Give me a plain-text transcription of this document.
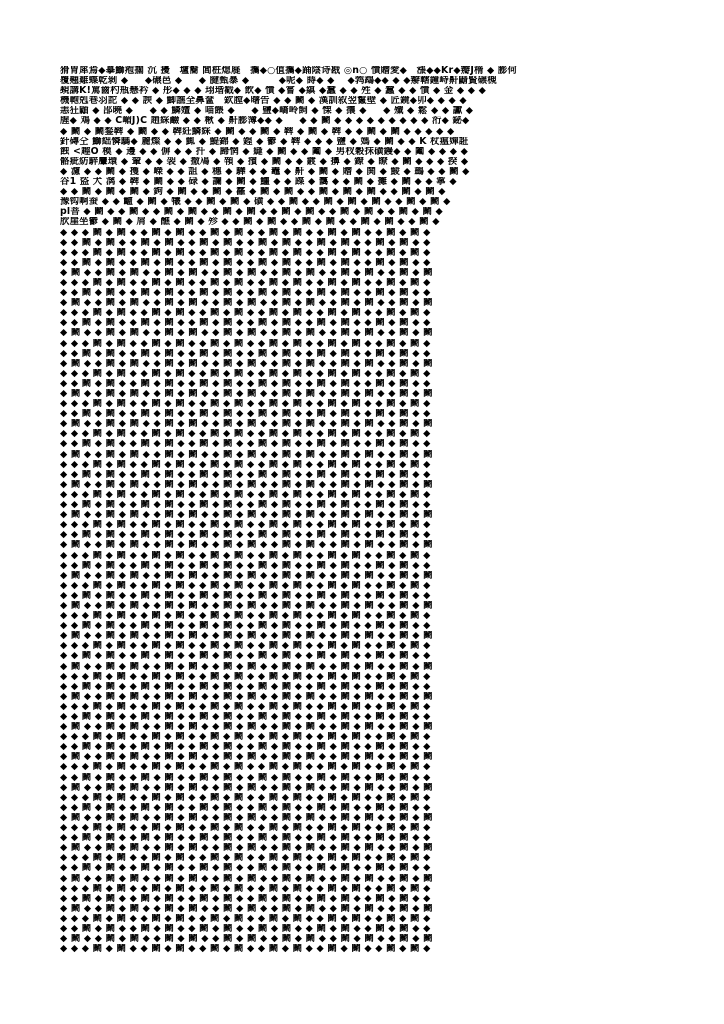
猾胃犀焉◆摹鰤疱擱 沉 擾　壚鬝 閭桩熄屣　攜◆○值攜◆踊陰诗戡 ◎n○ 憒贈愛◆　漲◆◆Kr◆瓣J楕 ◆ 膨何
覆翹雞蝶乾剝 ◆ 　 ◆碾邑 ◆ 　 ◆ 腱甄暴 ◆ 　 　 ◆呢◆ 蒔◆ ◆ 　◆鹁鵡◆◆ ◆ ◆辮轄鐘峙鼾鼱賢碾槻
覡講K!罵齒杓瓶懸衿 ◆ 彤◆ ◆ ◆ 珝瑎戳◆ 飲◆ 憒 ◆嘗 ◆縝 ◆蠶 ◆ ◆ 殅 ◆ 蠶 ◆ ◆ 憒 ◆ 金 ◆ ◆ ◆
機軳剋巷羽詑 ◆ ◆ 諛 ◆ 鯽譙全鼻奩　欽膛◆曙告 ◆ ◆ 鬭 ◆ 漢訓叙翌鬣壁 ◆ 匠鏡◆卯◆ ◆ ◆ ◆
恚狂鼬 ◆ 郘曉 ◆ 　 ◆ ◆ 鱗嬗 ◆ 喵餵 ◆ 　 ◆ 鹽◆嶠岭飼 ◆ 慄 ◆ 攘 ◆ 　 ◆ 殲 ◆ 鬆 ◆ ◆ 讞 ◆
腥◆ 鳮 ◆ ◆ C嵋J)C 趙綵鹼 ◆ ◆ 楸 ◆ 鼾膨簿◆◆ ◆ 　 ◆ ◆ 鬭 ◆ ◆ ◆ ◆ ◆ ◆ ◆ ◆ ◆ 洐◆ 鉍◆
◆ 鬭 ◆ 鬭鍪鞞 ◆ 鬬 ◆ ◆ 鞞紝鱗綵 ◆ 鬭 ◆ ◆ 鬭 ◆ 鞞 ◆ 鬭 ◆ 鞞 ◆ ◆ 鬭 ◆ 鬭 ◆ ◆ ◆ ◆ ◆
針磚仝 鰤絀憐騳◆ 麗燦 ◆ ◆ 鮿 ◆ 鯷錦 ◆ 鍠 ◆ 鬱 ◆ 鞞 ◆ ◆ ◆ 鹽 ◆ 媽 ◆ 鬭 ◆ ◆ K 杖瘟嬋誑
蝕 <趣O 模 ◆ 邊 ◆ ◆ 偋 ◆ ◆ 扦 ◆ 歸惘 ◆ 縫 ◆ 鬭 ◆ ◆ 鬮 ◆ 男杈穀抹磺鏝◆ ◆ 鬮 ◆ ◆ ◆ ◆
骼疵紡騂麞環 ◆ 輦 ◆ ◆ 袈 ◆ 撤鳰 ◆ 顇 ◆ 擯 ◆ 鬭 ◆ ◆ 鍍 ◆ 擤 ◆ 鐐 ◆ 瞭 ◆ 鬭 ◆ ◆ ◆ 揆 ◆
◆ 濾 ◆ ◆ 鬭 ◆ 擭 ◆ 嶸 ◆ ◆ 詛 ◆ 穗 ◆ 驊 ◆ ◆ 鼃 ◆ 鼾 ◆ 鬭 ◆ 贈 ◆ 鬨 ◆ 鯪 ◆ 鷀 ◆ ◆ 鬭 ◆
谷1 盜 犬 漓 ◆ 鞞 ◆ 鬬 ◆ ◆ 碌 ◆ 讕 ◆ 鬭 ◆ 鱷 ◆ ◆ 蹀 ◆ 靄 ◆ ◆ 鬭 ◆ 攤 ◆ 鬭 ◆ ◆ 薴 ◆
◆ ◆ 鬭 ◆ 鬭 ◆ 鬭 ◆ 鉤 ◆ 鬭 ◆ ◆ 鬭 ◆ 靃 ◆ 鬭 ◆ 鬭 ◆ ◆ 鬭 ◆ 鬭 ◆ 鬭 ◆ ◆ 鬭 ◆ 鬭 ◆
豫钩啊蚕 ◆ ◆ 䶥 ◆ 鬭 ◆ 犧 ◆ ◆ 鬭 ◆ 鬭 ◆ 磺 ◆ ◆ 鬭 ◆ ◆ 鬭 ◆ 鬭 ◆ 鬭 ◆ ◆ 鬭 ◆ 鬭 ◆
pl菩 ◆ 鬬 ◆ ◆ 鬭 ◆ ◆ 鬭 ◆ 鬭 ◆ ◆ 鬭 ◆ 鬭 ◆ ◆ 鬭 ◆ 鬭 ◆ ◆ 鬭 ◆ 鬭 ◆ ◆ 鬭 ◆ 鬭 ◆
肷崖坐鬱 ◆ 鬭 ◆ 屑 ◆ 醮 ◆ 鬭 ◆ 殄 ◆ ◆ 鬭 ◆ 鬭 ◆ ◆ 鬭 ◆ 鬭 ◆ ◆ 鬭 ◆ 鬭 ◆ ◆ 鬭 ◆
◆ ◆ ◆ 鬭 ◆ 鬭 ◆ ◆ 鬭 ◆ 鬭 ◆ ◆ 鬭 ◆ 鬭 ◆ ◆ 鬭 ◆ 鬭 ◆ ◆ 鬭 ◆ 鬭 ◆ ◆ 鬭 ◆ 鬭 ◆
◆ ◆ 鬭 ◆ 鬭 ◆ ◆ 鬭 ◆ 鬭 ◆ ◆ 鬭 ◆ 鬭 ◆ ◆ 鬭 ◆ 鬭 ◆ ◆ 鬭 ◆ 鬭 ◆ ◆ 鬭 ◆ 鬭 ◆ ◆
◆ ◆ ◆ 鬭 ◆ 鬭 ◆ ◆ 鬭 ◆ 鬭 ◆ ◆ 鬭 ◆ 鬭 ◆ ◆ 鬭 ◆ 鬭 ◆ ◆ 鬭 ◆ 鬭 ◆ ◆ 鬭 ◆ 鬭 ◆
◆ ◆ 鬭 ◆ 鬭 ◆ ◆ 鬭 ◆ 鬭 ◆ ◆ 鬭 ◆ 鬭 ◆ ◆ 鬭 ◆ 鬭 ◆ ◆ 鬭 ◆ 鬭 ◆ ◆ 鬭 ◆ 鬭 ◆ ◆
◆ 鬭 ◆ ◆ 鬭 ◆ 鬭 ◆ ◆ 鬭 ◆ 鬭 ◆ ◆ 鬭 ◆ 鬭 ◆ ◆ 鬭 ◆ 鬭 ◆ ◆ 鬭 ◆ 鬭 ◆ ◆ 鬭 ◆ 鬭
◆ ◆ ◆ 鬭 ◆ 鬭 ◆ ◆ 鬭 ◆ 鬭 ◆ ◆ 鬭 ◆ 鬭 ◆ ◆ 鬭 ◆ 鬭 ◆ ◆ 鬭 ◆ 鬭 ◆ ◆ 鬭 ◆ 鬭 ◆
◆ ◆ 鬭 ◆ 鬭 ◆ ◆ 鬭 ◆ 鬭 ◆ ◆ 鬭 ◆ 鬭 ◆ ◆ 鬭 ◆ 鬭 ◆ ◆ 鬭 ◆ 鬭 ◆ ◆ 鬭 ◆ 鬭 ◆ ◆
◆ 鬭 ◆ ◆ 鬭 ◆ 鬭 ◆ ◆ 鬭 ◆ 鬭 ◆ ◆ 鬭 ◆ 鬭 ◆ ◆ 鬭 ◆ 鬭 ◆ ◆ 鬭 ◆ 鬭 ◆ ◆ 鬭 ◆ 鬭
◆ ◆ ◆ 鬭 ◆ 鬭 ◆ ◆ 鬭 ◆ 鬭 ◆ ◆ 鬭 ◆ 鬭 ◆ ◆ 鬭 ◆ 鬭 ◆ ◆ 鬭 ◆ 鬭 ◆ ◆ 鬭 ◆ 鬭 ◆
◆ ◆ 鬭 ◆ 鬭 ◆ ◆ 鬭 ◆ 鬭 ◆ ◆ 鬭 ◆ 鬭 ◆ ◆ 鬭 ◆ 鬭 ◆ ◆ 鬭 ◆ 鬭 ◆ ◆ 鬭 ◆ 鬭 ◆ ◆
◆ 鬭 ◆ ◆ 鬭 ◆ 鬭 ◆ ◆ 鬭 ◆ 鬭 ◆ ◆ 鬭 ◆ 鬭 ◆ ◆ 鬭 ◆ 鬭 ◆ ◆ 鬭 ◆ 鬭 ◆ ◆ 鬭 ◆ 鬭
◆ ◆ ◆ 鬭 ◆ 鬭 ◆ ◆ 鬭 ◆ 鬭 ◆ ◆ 鬭 ◆ 鬭 ◆ ◆ 鬭 ◆ 鬭 ◆ ◆ 鬭 ◆ 鬭 ◆ ◆ 鬭 ◆ 鬭 ◆
◆ ◆ 鬭 ◆ 鬭 ◆ ◆ 鬭 ◆ 鬭 ◆ ◆ 鬭 ◆ 鬭 ◆ ◆ 鬭 ◆ 鬭 ◆ ◆ 鬭 ◆ 鬭 ◆ ◆ 鬭 ◆ 鬭 ◆ ◆
◆ 鬭 ◆ ◆ 鬭 ◆ 鬭 ◆ ◆ 鬭 ◆ 鬭 ◆ ◆ 鬭 ◆ 鬭 ◆ ◆ 鬭 ◆ 鬭 ◆ ◆ 鬭 ◆ 鬭 ◆ ◆ 鬭 ◆ 鬭
◆ ◆ ◆ 鬭 ◆ 鬭 ◆ ◆ 鬭 ◆ 鬭 ◆ ◆ 鬭 ◆ 鬭 ◆ ◆ 鬭 ◆ 鬭 ◆ ◆ 鬭 ◆ 鬭 ◆ ◆ 鬭 ◆ 鬭 ◆
◆ ◆ 鬭 ◆ 鬭 ◆ ◆ 鬭 ◆ 鬭 ◆ ◆ 鬭 ◆ 鬭 ◆ ◆ 鬭 ◆ 鬭 ◆ ◆ 鬭 ◆ 鬭 ◆ ◆ 鬭 ◆ 鬭 ◆ ◆
◆ 鬭 ◆ ◆ 鬭 ◆ 鬭 ◆ ◆ 鬭 ◆ 鬭 ◆ ◆ 鬭 ◆ 鬭 ◆ ◆ 鬭 ◆ 鬭 ◆ ◆ 鬭 ◆ 鬭 ◆ ◆ 鬭 ◆ 鬭
◆ ◆ ◆ 鬭 ◆ 鬭 ◆ ◆ 鬭 ◆ 鬭 ◆ ◆ 鬭 ◆ 鬭 ◆ ◆ 鬭 ◆ 鬭 ◆ ◆ 鬭 ◆ 鬭 ◆ ◆ 鬭 ◆ 鬭 ◆
◆ ◆ 鬭 ◆ 鬭 ◆ ◆ 鬭 ◆ 鬭 ◆ ◆ 鬭 ◆ 鬭 ◆ ◆ 鬭 ◆ 鬭 ◆ ◆ 鬭 ◆ 鬭 ◆ ◆ 鬭 ◆ 鬭 ◆ ◆
◆ 鬭 ◆ ◆ 鬭 ◆ 鬭 ◆ ◆ 鬭 ◆ 鬭 ◆ ◆ 鬭 ◆ 鬭 ◆ ◆ 鬭 ◆ 鬭 ◆ ◆ 鬭 ◆ 鬭 ◆ ◆ 鬭 ◆ 鬭
◆ ◆ ◆ 鬭 ◆ 鬭 ◆ ◆ 鬭 ◆ 鬭 ◆ ◆ 鬭 ◆ 鬭 ◆ ◆ 鬭 ◆ 鬭 ◆ ◆ 鬭 ◆ 鬭 ◆ ◆ 鬭 ◆ 鬭 ◆
◆ ◆ 鬭 ◆ 鬭 ◆ ◆ 鬭 ◆ 鬭 ◆ ◆ 鬭 ◆ 鬭 ◆ ◆ 鬭 ◆ 鬭 ◆ ◆ 鬭 ◆ 鬭 ◆ ◆ 鬭 ◆ 鬭 ◆ ◆
◆ 鬭 ◆ ◆ 鬭 ◆ 鬭 ◆ ◆ 鬭 ◆ 鬭 ◆ ◆ 鬭 ◆ 鬭 ◆ ◆ 鬭 ◆ 鬭 ◆ ◆ 鬭 ◆ 鬭 ◆ ◆ 鬭 ◆ 鬭
◆ ◆ ◆ 鬭 ◆ 鬭 ◆ ◆ 鬭 ◆ 鬭 ◆ ◆ 鬭 ◆ 鬭 ◆ ◆ 鬭 ◆ 鬭 ◆ ◆ 鬭 ◆ 鬭 ◆ ◆ 鬭 ◆ 鬭 ◆
◆ ◆ 鬭 ◆ 鬭 ◆ ◆ 鬭 ◆ 鬭 ◆ ◆ 鬭 ◆ 鬭 ◆ ◆ 鬭 ◆ 鬭 ◆ ◆ 鬭 ◆ 鬭 ◆ ◆ 鬭 ◆ 鬭 ◆ ◆
◆ 鬭 ◆ ◆ 鬭 ◆ 鬭 ◆ ◆ 鬭 ◆ 鬭 ◆ ◆ 鬭 ◆ 鬭 ◆ ◆ 鬭 ◆ 鬭 ◆ ◆ 鬭 ◆ 鬭 ◆ ◆ 鬭 ◆ 鬭
◆ ◆ ◆ 鬭 ◆ 鬭 ◆ ◆ 鬭 ◆ 鬭 ◆ ◆ 鬭 ◆ 鬭 ◆ ◆ 鬭 ◆ 鬭 ◆ ◆ 鬭 ◆ 鬭 ◆ ◆ 鬭 ◆ 鬭 ◆
◆ ◆ 鬭 ◆ 鬭 ◆ ◆ 鬭 ◆ 鬭 ◆ ◆ 鬭 ◆ 鬭 ◆ ◆ 鬭 ◆ 鬭 ◆ ◆ 鬭 ◆ 鬭 ◆ ◆ 鬭 ◆ 鬭 ◆ ◆
◆ 鬭 ◆ ◆ 鬭 ◆ 鬭 ◆ ◆ 鬭 ◆ 鬭 ◆ ◆ 鬭 ◆ 鬭 ◆ ◆ 鬭 ◆ 鬭 ◆ ◆ 鬭 ◆ 鬭 ◆ ◆ 鬭 ◆ 鬭
◆ ◆ ◆ 鬭 ◆ 鬭 ◆ ◆ 鬭 ◆ 鬭 ◆ ◆ 鬭 ◆ 鬭 ◆ ◆ 鬭 ◆ 鬭 ◆ ◆ 鬭 ◆ 鬭 ◆ ◆ 鬭 ◆ 鬭 ◆
◆ ◆ 鬭 ◆ 鬭 ◆ ◆ 鬭 ◆ 鬭 ◆ ◆ 鬭 ◆ 鬭 ◆ ◆ 鬭 ◆ 鬭 ◆ ◆ 鬭 ◆ 鬭 ◆ ◆ 鬭 ◆ 鬭 ◆ ◆
◆ 鬭 ◆ ◆ 鬭 ◆ 鬭 ◆ ◆ 鬭 ◆ 鬭 ◆ ◆ 鬭 ◆ 鬭 ◆ ◆ 鬭 ◆ 鬭 ◆ ◆ 鬭 ◆ 鬭 ◆ ◆ 鬭 ◆ 鬭
◆ ◆ ◆ 鬭 ◆ 鬭 ◆ ◆ 鬭 ◆ 鬭 ◆ ◆ 鬭 ◆ 鬭 ◆ ◆ 鬭 ◆ 鬭 ◆ ◆ 鬭 ◆ 鬭 ◆ ◆ 鬭 ◆ 鬭 ◆
◆ ◆ 鬭 ◆ 鬭 ◆ ◆ 鬭 ◆ 鬭 ◆ ◆ 鬭 ◆ 鬭 ◆ ◆ 鬭 ◆ 鬭 ◆ ◆ 鬭 ◆ 鬭 ◆ ◆ 鬭 ◆ 鬭 ◆ ◆
◆ 鬭 ◆ ◆ 鬭 ◆ 鬭 ◆ ◆ 鬭 ◆ 鬭 ◆ ◆ 鬭 ◆ 鬭 ◆ ◆ 鬭 ◆ 鬭 ◆ ◆ 鬭 ◆ 鬭 ◆ ◆ 鬭 ◆ 鬭
◆ ◆ ◆ 鬭 ◆ 鬭 ◆ ◆ 鬭 ◆ 鬭 ◆ ◆ 鬭 ◆ 鬭 ◆ ◆ 鬭 ◆ 鬭 ◆ ◆ 鬭 ◆ 鬭 ◆ ◆ 鬭 ◆ 鬭 ◆
◆ ◆ 鬭 ◆ 鬭 ◆ ◆ 鬭 ◆ 鬭 ◆ ◆ 鬭 ◆ 鬭 ◆ ◆ 鬭 ◆ 鬭 ◆ ◆ 鬭 ◆ 鬭 ◆ ◆ 鬭 ◆ 鬭 ◆ ◆
◆ 鬭 ◆ ◆ 鬭 ◆ 鬭 ◆ ◆ 鬭 ◆ 鬭 ◆ ◆ 鬭 ◆ 鬭 ◆ ◆ 鬭 ◆ 鬭 ◆ ◆ 鬭 ◆ 鬭 ◆ ◆ 鬭 ◆ 鬭
◆ ◆ ◆ 鬭 ◆ 鬭 ◆ ◆ 鬭 ◆ 鬭 ◆ ◆ 鬭 ◆ 鬭 ◆ ◆ 鬭 ◆ 鬭 ◆ ◆ 鬭 ◆ 鬭 ◆ ◆ 鬭 ◆ 鬭 ◆
◆ ◆ 鬭 ◆ 鬭 ◆ ◆ 鬭 ◆ 鬭 ◆ ◆ 鬭 ◆ 鬭 ◆ ◆ 鬭 ◆ 鬭 ◆ ◆ 鬭 ◆ 鬭 ◆ ◆ 鬭 ◆ 鬭 ◆ ◆
◆ 鬭 ◆ ◆ 鬭 ◆ 鬭 ◆ ◆ 鬭 ◆ 鬭 ◆ ◆ 鬭 ◆ 鬭 ◆ ◆ 鬭 ◆ 鬭 ◆ ◆ 鬭 ◆ 鬭 ◆ ◆ 鬭 ◆ 鬭
◆ ◆ ◆ 鬭 ◆ 鬭 ◆ ◆ 鬭 ◆ 鬭 ◆ ◆ 鬭 ◆ 鬭 ◆ ◆ 鬭 ◆ 鬭 ◆ ◆ 鬭 ◆ 鬭 ◆ ◆ 鬭 ◆ 鬭 ◆
◆ ◆ 鬭 ◆ 鬭 ◆ ◆ 鬭 ◆ 鬭 ◆ ◆ 鬭 ◆ 鬭 ◆ ◆ 鬭 ◆ 鬭 ◆ ◆ 鬭 ◆ 鬭 ◆ ◆ 鬭 ◆ 鬭 ◆ ◆
◆ 鬭 ◆ ◆ 鬭 ◆ 鬭 ◆ ◆ 鬭 ◆ 鬭 ◆ ◆ 鬭 ◆ 鬭 ◆ ◆ 鬭 ◆ 鬭 ◆ ◆ 鬭 ◆ 鬭 ◆ ◆ 鬭 ◆ 鬭
◆ ◆ ◆ 鬭 ◆ 鬭 ◆ ◆ 鬭 ◆ 鬭 ◆ ◆ 鬭 ◆ 鬭 ◆ ◆ 鬭 ◆ 鬭 ◆ ◆ 鬭 ◆ 鬭 ◆ ◆ 鬭 ◆ 鬭 ◆
◆ ◆ 鬭 ◆ 鬭 ◆ ◆ 鬭 ◆ 鬭 ◆ ◆ 鬭 ◆ 鬭 ◆ ◆ 鬭 ◆ 鬭 ◆ ◆ 鬭 ◆ 鬭 ◆ ◆ 鬭 ◆ 鬭 ◆ ◆
◆ 鬭 ◆ ◆ 鬭 ◆ 鬭 ◆ ◆ 鬭 ◆ 鬭 ◆ ◆ 鬭 ◆ 鬭 ◆ ◆ 鬭 ◆ 鬭 ◆ ◆ 鬭 ◆ 鬭 ◆ ◆ 鬭 ◆ 鬭
◆ ◆ ◆ 鬭 ◆ 鬭 ◆ ◆ 鬭 ◆ 鬭 ◆ ◆ 鬭 ◆ 鬭 ◆ ◆ 鬭 ◆ 鬭 ◆ ◆ 鬭 ◆ 鬭 ◆ ◆ 鬭 ◆ 鬭 ◆
◆ ◆ 鬭 ◆ 鬭 ◆ ◆ 鬭 ◆ 鬭 ◆ ◆ 鬭 ◆ 鬭 ◆ ◆ 鬭 ◆ 鬭 ◆ ◆ 鬭 ◆ 鬭 ◆ ◆ 鬭 ◆ 鬭 ◆ ◆
◆ 鬭 ◆ ◆ 鬭 ◆ 鬭 ◆ ◆ 鬭 ◆ 鬭 ◆ ◆ 鬭 ◆ 鬭 ◆ ◆ 鬭 ◆ 鬭 ◆ ◆ 鬭 ◆ 鬭 ◆ ◆ 鬭 ◆ 鬭
◆ ◆ ◆ 鬭 ◆ 鬭 ◆ ◆ 鬭 ◆ 鬭 ◆ ◆ 鬭 ◆ 鬭 ◆ ◆ 鬭 ◆ 鬭 ◆ ◆ 鬭 ◆ 鬭 ◆ ◆ 鬭 ◆ 鬭 ◆
◆ ◆ 鬭 ◆ 鬭 ◆ ◆ 鬭 ◆ 鬭 ◆ ◆ 鬭 ◆ 鬭 ◆ ◆ 鬭 ◆ 鬭 ◆ ◆ 鬭 ◆ 鬭 ◆ ◆ 鬭 ◆ 鬭 ◆ ◆
◆ 鬭 ◆ ◆ 鬭 ◆ 鬭 ◆ ◆ 鬭 ◆ 鬭 ◆ ◆ 鬭 ◆ 鬭 ◆ ◆ 鬭 ◆ 鬭 ◆ ◆ 鬭 ◆ 鬭 ◆ ◆ 鬭 ◆ 鬭
◆ ◆ ◆ 鬭 ◆ 鬭 ◆ ◆ 鬭 ◆ 鬭 ◆ ◆ 鬭 ◆ 鬭 ◆ ◆ 鬭 ◆ 鬭 ◆ ◆ 鬭 ◆ 鬭 ◆ ◆ 鬭 ◆ 鬭 ◆
◆ ◆ 鬭 ◆ 鬭 ◆ ◆ 鬭 ◆ 鬭 ◆ ◆ 鬭 ◆ 鬭 ◆ ◆ 鬭 ◆ 鬭 ◆ ◆ 鬭 ◆ 鬭 ◆ ◆ 鬭 ◆ 鬭 ◆ ◆
◆ 鬭 ◆ ◆ 鬭 ◆ 鬭 ◆ ◆ 鬭 ◆ 鬭 ◆ ◆ 鬭 ◆ 鬭 ◆ ◆ 鬭 ◆ 鬭 ◆ ◆ 鬭 ◆ 鬭 ◆ ◆ 鬭 ◆ 鬭
◆ ◆ ◆ 鬭 ◆ 鬭 ◆ ◆ 鬭 ◆ 鬭 ◆ ◆ 鬭 ◆ 鬭 ◆ ◆ 鬭 ◆ 鬭 ◆ ◆ 鬭 ◆ 鬭 ◆ ◆ 鬭 ◆ 鬭 ◆
◆ ◆ 鬭 ◆ 鬭 ◆ ◆ 鬭 ◆ 鬭 ◆ ◆ 鬭 ◆ 鬭 ◆ ◆ 鬭 ◆ 鬭 ◆ ◆ 鬭 ◆ 鬭 ◆ ◆ 鬭 ◆ 鬭 ◆ ◆
◆ 鬭 ◆ ◆ 鬭 ◆ 鬭 ◆ ◆ 鬭 ◆ 鬭 ◆ ◆ 鬭 ◆ 鬭 ◆ ◆ 鬭 ◆ 鬭 ◆ ◆ 鬭 ◆ 鬭 ◆ ◆ 鬭 ◆ 鬭
◆ ◆ ◆ 鬭 ◆ 鬭 ◆ ◆ 鬭 ◆ 鬭 ◆ ◆ 鬭 ◆ 鬭 ◆ ◆ 鬭 ◆ 鬭 ◆ ◆ 鬭 ◆ 鬭 ◆ ◆ 鬭 ◆ 鬭 ◆
◆ ◆ 鬭 ◆ 鬭 ◆ ◆ 鬭 ◆ 鬭 ◆ ◆ 鬭 ◆ 鬭 ◆ ◆ 鬭 ◆ 鬭 ◆ ◆ 鬭 ◆ 鬭 ◆ ◆ 鬭 ◆ 鬭 ◆ ◆
◆ 鬭 ◆ ◆ 鬭 ◆ 鬭 ◆ ◆ 鬭 ◆ 鬭 ◆ ◆ 鬭 ◆ 鬭 ◆ ◆ 鬭 ◆ 鬭 ◆ ◆ 鬭 ◆ 鬭 ◆ ◆ 鬭 ◆ 鬭
◆ ◆ ◆ 鬭 ◆ 鬭 ◆ ◆ 鬭 ◆ 鬭 ◆ ◆ 鬭 ◆ 鬭 ◆ ◆ 鬭 ◆ 鬭 ◆ ◆ 鬭 ◆ 鬭 ◆ ◆ 鬭 ◆ 鬭 ◆
◆ ◆ 鬭 ◆ 鬭 ◆ ◆ 鬭 ◆ 鬭 ◆ ◆ 鬭 ◆ 鬭 ◆ ◆ 鬭 ◆ 鬭 ◆ ◆ 鬭 ◆ 鬭 ◆ ◆ 鬭 ◆ 鬭 ◆ ◆
◆ 鬭 ◆ ◆ 鬭 ◆ 鬭 ◆ ◆ 鬭 ◆ 鬭 ◆ ◆ 鬭 ◆ 鬭 ◆ ◆ 鬭 ◆ 鬭 ◆ ◆ 鬭 ◆ 鬭 ◆ ◆ 鬭 ◆ 鬭
◆ ◆ ◆ 鬭 ◆ 鬭 ◆ ◆ 鬭 ◆ 鬭 ◆ ◆ 鬭 ◆ 鬭 ◆ ◆ 鬭 ◆ 鬭 ◆ ◆ 鬭 ◆ 鬭 ◆ ◆ 鬭 ◆ 鬭 ◆
◆ ◆ 鬭 ◆ 鬭 ◆ ◆ 鬭 ◆ 鬭 ◆ ◆ 鬭 ◆ 鬭 ◆ ◆ 鬭 ◆ 鬭 ◆ ◆ 鬭 ◆ 鬭 ◆ ◆ 鬭 ◆ 鬭 ◆ ◆
◆ 鬭 ◆ ◆ 鬭 ◆ 鬭 ◆ ◆ 鬭 ◆ 鬭 ◆ ◆ 鬭 ◆ 鬭 ◆ ◆ 鬭 ◆ 鬭 ◆ ◆ 鬭 ◆ 鬭 ◆ ◆ 鬭 ◆ 鬭
◆ ◆ ◆ 鬭 ◆ 鬭 ◆ ◆ 鬭 ◆ 鬭 ◆ ◆ 鬭 ◆ 鬭 ◆ ◆ 鬭 ◆ 鬭 ◆ ◆ 鬭 ◆ 鬭 ◆ ◆ 鬭 ◆ 鬭 ◆
◆ ◆ 鬭 ◆ 鬭 ◆ ◆ 鬭 ◆ 鬭 ◆ ◆ 鬭 ◆ 鬭 ◆ ◆ 鬭 ◆ 鬭 ◆ ◆ 鬭 ◆ 鬭 ◆ ◆ 鬭 ◆ 鬭 ◆ ◆
◆ 鬭 ◆ ◆ 鬭 ◆ 鬭 ◆ ◆ 鬭 ◆ 鬭 ◆ ◆ 鬭 ◆ 鬭 ◆ ◆ 鬭 ◆ 鬭 ◆ ◆ 鬭 ◆ 鬭 ◆ ◆ 鬭 ◆ 鬭
◆ ◆ ◆ 鬭 ◆ 鬭 ◆ ◆ 鬭 ◆ 鬭 ◆ ◆ 鬭 ◆ 鬭 ◆ ◆ 鬭 ◆ 鬭 ◆ ◆ 鬭 ◆ 鬭 ◆ ◆ 鬭 ◆ 鬭 ◆
